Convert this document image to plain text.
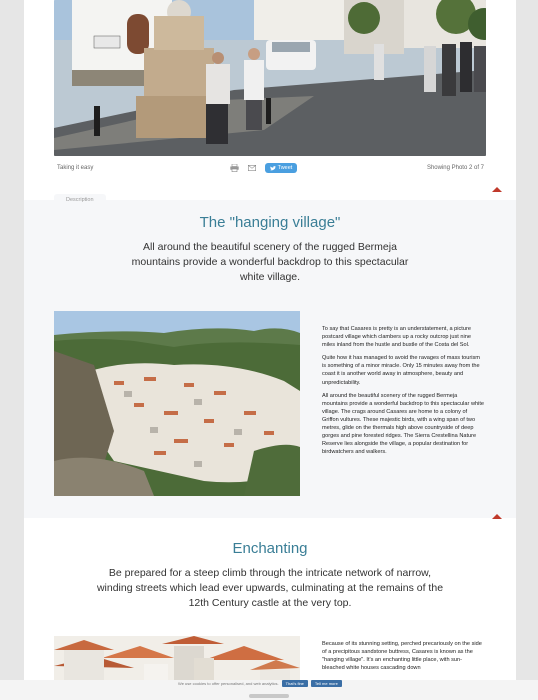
Taking it easy	Tweet	Showing Photo 2 of 7
Description
The "hanging village"

All around the beautiful scenery of the rugged Bermeja mountains provide a wonderful backdrop to this spectacular white village.

To say that Casares is pretty is an understatement, a picture postcard village which clambers up a rocky outcrop just nine miles inland from the hustle and bustle of the Costa del Sol.

Quite how it has managed to avoid the ravages of mass tourism is something of a minor miracle. Only 15 minutes away from the coast it is another world away in atmosphere, beauty and unpredictability.

All around the beautiful scenery of the rugged Bermeja mountains provide a wonderful backdrop to this spectacular white village. The crags around Casares are home to a colony of Griffon vultures. These majestic birds, with a wing span of two metres, glide on the thermals high above countryside of deep gorges and pine forested ridges. The Sierra Crestellina Nature Reserve lies alongside the village, a popular destination for birdwatchers and walkers.

Enchanting

Be prepared for a steep climb through the intricate network of narrow, winding streets which lead ever upwards, culminating at the remains of the 12th Century castle at the very top.

Because of its stunning setting, perched precariously on the side of a precipitous sandstone buttress, Casares is known as the "hanging village". It's an enchanting little place, with sun-bleached white houses cascading down

We use cookies to offer personalised, and web analytics.	That's fine	Tell me more
